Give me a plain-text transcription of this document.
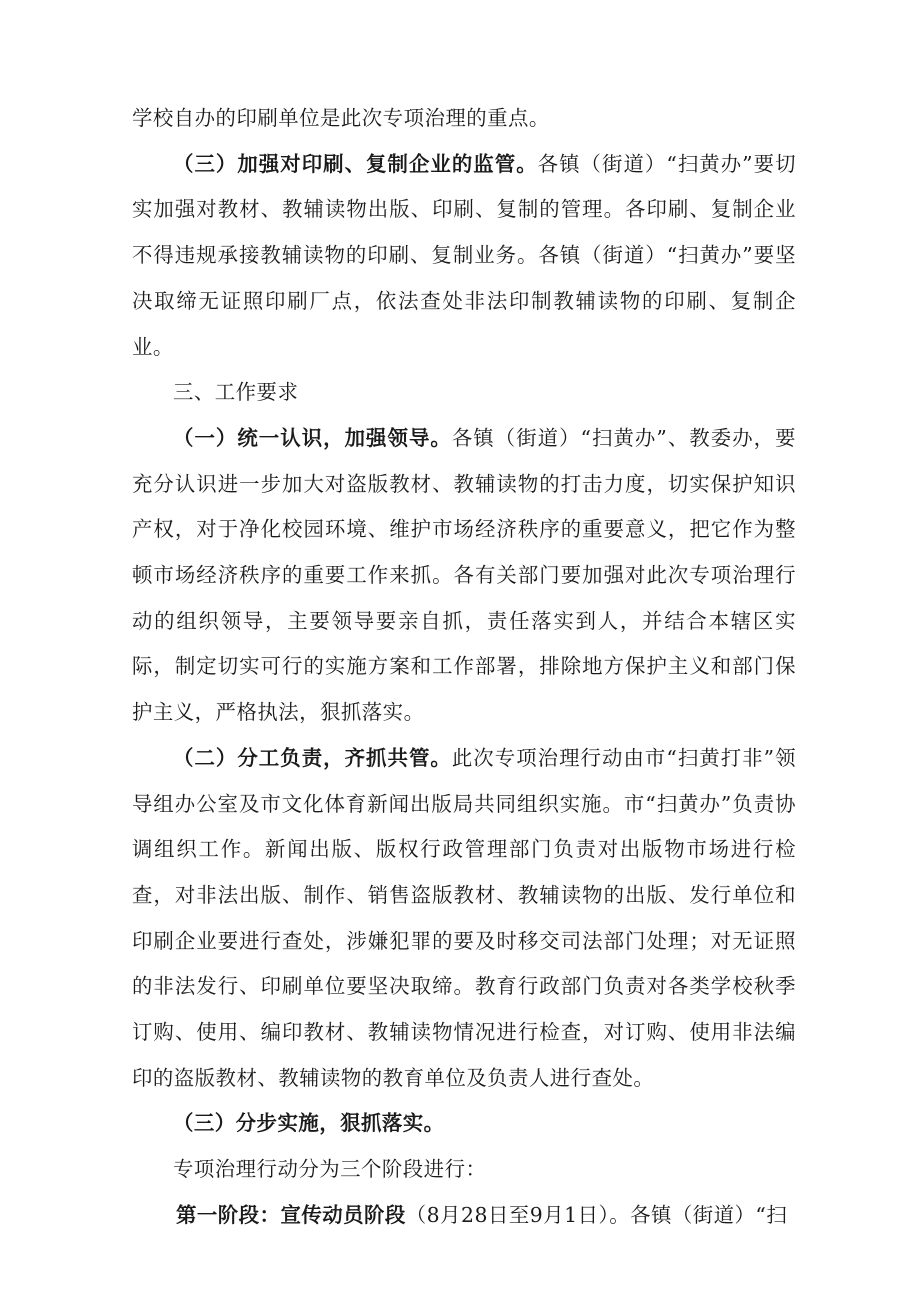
学校自办的印刷单位是此次专项治理的重点。

（三）加强对印刷、复制企业的监管。各镇（街道）“扫黄办”要切实加强对教材、教辅读物出版、印刷、复制的管理。各印刷、复制企业不得违规承接教辅读物的印刷、复制业务。各镇（街道）“扫黄办”要坚决取缔无证照印刷厂点，依法查处非法印制教辅读物的印刷、复制企业。

三、工作要求

（一）统一认识，加强领导。各镇（街道）“扫黄办”、教委办，要充分认识进一步加大对盗版教材、教辅读物的打击力度，切实保护知识产权，对于净化校园环境、维护市场经济秩序的重要意义，把它作为整顿市场经济秩序的重要工作来抓。各有关部门要加强对此次专项治理行动的组织领导，主要领导要亲自抓，责任落实到人，并结合本辖区实际，制定切实可行的实施方案和工作部署，排除地方保护主义和部门保护主义，严格执法，狠抓落实。

（二）分工负责，齐抓共管。此次专项治理行动由市“扫黄打非”领导组办公室及市文化体育新闻出版局共同组织实施。市“扫黄办”负责协调组织工作。新闻出版、版权行政管理部门负责对出版物市场进行检查，对非法出版、制作、销售盗版教材、教辅读物的出版、发行单位和印刷企业要进行查处，涉嫌犯罪的要及时移交司法部门处理；对无证照的非法发行、印刷单位要坚决取缔。教育行政部门负责对各类学校秋季订购、使用、编印教材、教辅读物情况进行检查，对订购、使用非法编印的盗版教材、教辅读物的教育单位及负责人进行查处。

（三）分步实施，狠抓落实。

专项治理行动分为三个阶段进行：

第一阶段：宣传动员阶段（8月28日至9月1日）。各镇（街道）“扫
